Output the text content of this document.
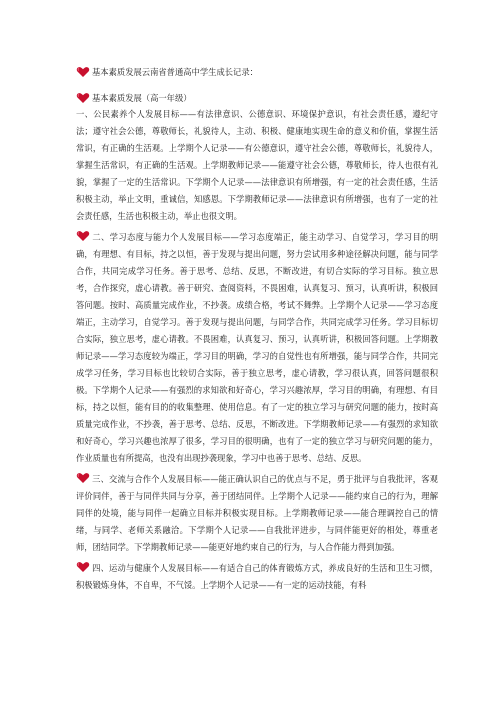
基本素质发展云南省普通高中学生成长记录：
基本素质发展（高一年级）

一、公民素养个人发展目标——有法律意识、公德意识、环境保护意识，有社会责任感，遵纪守法；遵守社会公德，尊敬师长，礼貌待人，主动、积极、健康地实现生命的意义和价值，掌握生活常识，有正确的生活观。上学期个人记录——有公德意识，遵守社会公德，尊敬师长，礼貌待人，掌握生活常识，有正确的生活观。上学期教师记录——能遵守社会公德，尊敬师长，待人也很有礼貌，掌握了一定的生活常识。下学期个人记录——法律意识有所增强，有一定的社会责任感，生活积极主动，举止文明，重诚信，知感恩。下学期教师记录——法律意识有所增强，也有了一定的社会责任感，生活也积极主动，举止也很文明。

二、学习态度与能力个人发展目标——学习态度端正，能主动学习、自觉学习，学习目的明确，有理想、有目标，持之以恒，善于发现与提出问题，努力尝试用多种途径解决问题，能与同学合作，共同完成学习任务。善于思考、总结、反思，不断改进，有切合实际的学习目标。独立思考，合作探究，虚心请教。善于研究、查阅资料，不畏困难，认真复习、预习，认真听讲，积极回答问题。按时、高质量完成作业，不抄袭。成绩合格，考试不舞弊。上学期个人记录——学习态度端正，主动学习，自觉学习。善于发现与提出问题，与同学合作，共同完成学习任务。学习目标切合实际，独立思考，虚心请教。不畏困难，认真复习、预习，认真听讲，积极回答问题。上学期教师记录——学习态度较为端正，学习目的明确，学习的自觉性也有所增强，能与同学合作，共同完成学习任务，学习目标也比较切合实际，善于独立思考，虚心请教，学习很认真，回答问题很积极。下学期个人记录——有强烈的求知欲和好奇心，学习兴趣浓厚，学习目的明确，有理想、有目标，持之以恒，能有目的的收集整理、使用信息。有了一定的独立学习与研究问题的能力，按时高质量完成作业，不抄袭，善于思考、总结、反思，不断改进。下学期教师记录——有强烈的求知欲和好奇心，学习兴趣也浓厚了很多，学习目的很明确，也有了一定的独立学习与研究问题的能力，作业质量也有所提高，也没有出现抄袭现象，学习中也善于思考、总结、反思。

三、交流与合作个人发展目标——能正确认识自己的优点与不足，勇于批评与自我批评，客观评价同伴，善于与同伴共同与分享，善于团结同伴。上学期个人记录——能约束自己的行为，理解同伴的处境，能与同伴一起确立目标并积极实现目标。上学期教师记录——能合理调控自己的情绪，与同学、老师关系融洽。下学期个人记录——自我批评进步，与同伴能更好的相处，尊重老师，团结同学。下学期教师记录——能更好地约束自己的行为，与人合作能力得到加强。

四、运动与健康个人发展目标——有适合自己的体育锻炼方式，养成良好的生活和卫生习惯，积极锻炼身体，不自卑，不气馁。上学期个人记录——有一定的运动技能，有科
